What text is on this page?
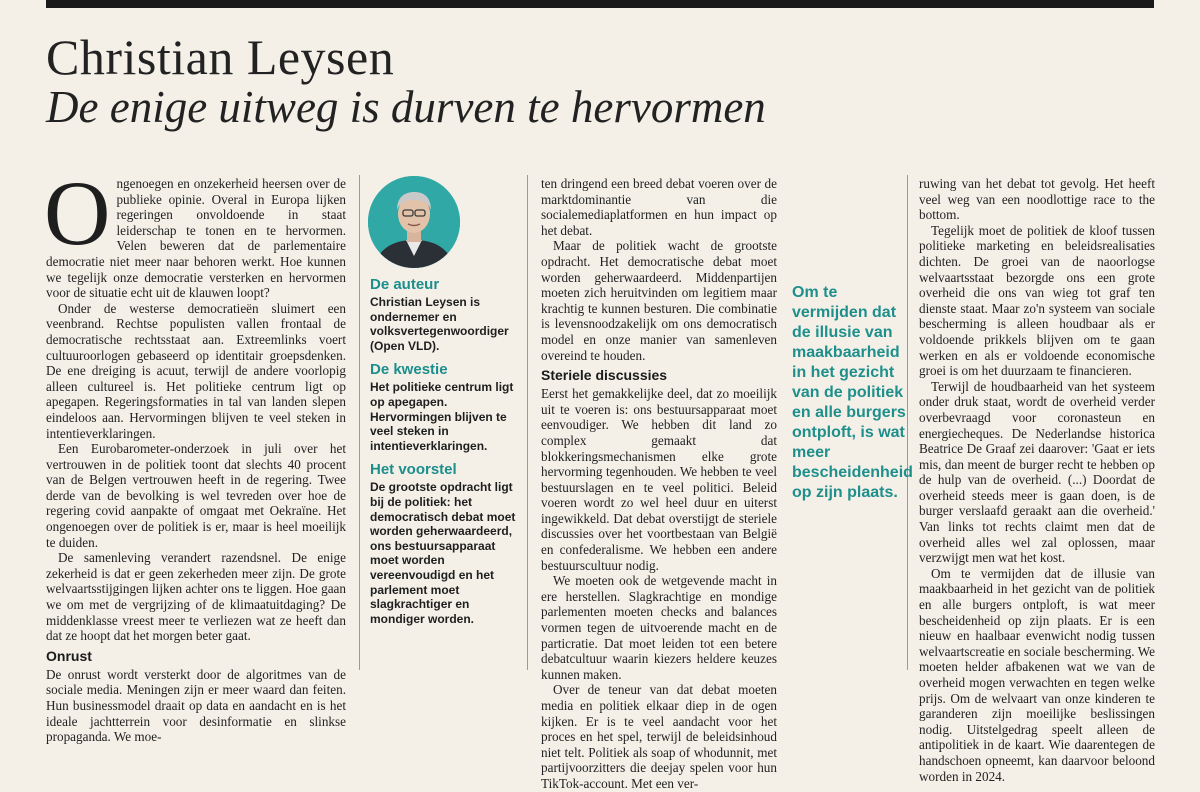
Christian Leysen
De enige uitweg is durven te hervormen

Ongenoegen en onzekerheid heersen over de publieke opinie. Overal in Europa lijken regeringen onvoldoende in staat leiderschap te tonen en te hervormen. Velen beweren dat de parlementaire democratie niet meer naar behoren werkt. Hoe kunnen we tegelijk onze democratie versterken en hervormen voor de situatie echt uit de klauwen loopt?

Onder de westerse democratieën sluimert een veenbrand. Rechtse populisten vallen frontaal de democratische rechtsstaat aan. Extreemlinks voert cultuuroorlogen gebaseerd op identitair groepsdenken. De ene dreiging is acuut, terwijl de andere voorlopig alleen cultureel is. Het politieke centrum ligt op apegapen. Regeringsformaties in tal van landen slepen eindeloos aan. Hervormingen blijven te veel steken in intentieverklaringen.

Een Eurobarometer-onderzoek in juli over het vertrouwen in de politiek toont dat slechts 40 procent van de Belgen vertrouwen heeft in de regering. Twee derde van de bevolking is wel tevreden over hoe de regering covid aanpakte of omgaat met Oekraïne. Het ongenoegen over de politiek is er, maar is heel moeilijk te duiden.

De samenleving verandert razendsnel. De enige zekerheid is dat er geen zekerheden meer zijn. De grote welvaartsstijgingen lijken achter ons te liggen. Hoe gaan we om met de vergrijzing of de klimaatuitdaging? De middenklasse vreest meer te verliezen wat ze heeft dan dat ze hoopt dat het morgen beter gaat.

Onrust

De onrust wordt versterkt door de algoritmes van de sociale media. Meningen zijn er meer waard dan feiten. Hun businessmodel draait op data en aandacht en is het ideale jachtterrein voor desinformatie en slinkse propaganda. We moe-

De auteur

Christian Leysen is ondernemer en volksvertegenwoordiger (Open VLD).

De kwestie

Het politieke centrum ligt op apegapen. Hervormingen blijven te veel steken in intentieverklaringen.

Het voorstel

De grootste opdracht ligt bij de politiek: het democratisch debat moet worden geherwaardeerd, ons bestuursapparaat moet worden vereenvoudigd en het parlement moet slagkrachtiger en mondiger worden.

ten dringend een breed debat voeren over de marktdominantie van die socialemediaplatformen en hun impact op het debat.

Maar de politiek wacht de grootste opdracht. Het democratische debat moet worden geherwaardeerd. Middenpartijen moeten zich heruitvinden om legitiem maar krachtig te kunnen besturen. Die combinatie is levensnoodzakelijk om ons democratisch model en onze manier van samenleven overeind te houden.

Steriele discussies

Eerst het gemakkelijke deel, dat zo moeilijk uit te voeren is: ons bestuursapparaat moet eenvoudiger. We hebben dit land zo complex gemaakt dat blokkeringsmechanismen elke grote hervorming tegenhouden. We hebben te veel bestuurslagen en te veel politici. Beleid voeren wordt zo wel heel duur en uiterst ingewikkeld. Dat debat overstijgt de steriele discussies over het voortbestaan van België en confederalisme. We hebben een andere bestuurscultuur nodig.

We moeten ook de wetgevende macht in ere herstellen. Slagkrachtige en mondige parlementen moeten checks and balances vormen tegen de uitvoerende macht en de particratie. Dat moet leiden tot een betere debatcultuur waarin kiezers heldere keuzes kunnen maken.

Over de teneur van dat debat moeten media en politiek elkaar diep in de ogen kijken. Er is te veel aandacht voor het proces en het spel, terwijl de beleidsinhoud niet telt. Politiek als soap of whodunnit, met partijvoorzitters die deejay spelen voor hun TikTok-account. Met een ver-

Om te vermijden dat de illusie van maakbaarheid in het gezicht van de politiek en alle burgers ontploft, is wat meer bescheidenheid op zijn plaats.

ruwing van het debat tot gevolg. Het heeft veel weg van een noodlottige race to the bottom.

Tegelijk moet de politiek de kloof tussen politieke marketing en beleidsrealisaties dichten. De groei van de naoorlogse welvaartsstaat bezorgde ons een grote overheid die ons van wieg tot graf ten dienste staat. Maar zo'n systeem van sociale bescherming is alleen houdbaar als er voldoende prikkels blijven om te gaan werken en als er voldoende economische groei is om het duurzaam te financieren.

Terwijl de houdbaarheid van het systeem onder druk staat, wordt de overheid verder overbevraagd voor coronasteun en energiecheques. De Nederlandse historica Beatrice De Graaf zei daarover: 'Gaat er iets mis, dan meent de burger recht te hebben op de hulp van de overheid. (...) Doordat de overheid steeds meer is gaan doen, is de burger verslaafd geraakt aan die overheid.' Van links tot rechts claimt men dat de overheid alles wel zal oplossen, maar verzwijgt men wat het kost.

Om te vermijden dat de illusie van maakbaarheid in het gezicht van de politiek en alle burgers ontploft, is wat meer bescheidenheid op zijn plaats. Er is een nieuw en haalbaar evenwicht nodig tussen welvaartscreatie en sociale bescherming. We moeten helder afbakenen wat we van de overheid mogen verwachten en tegen welke prijs. Om de welvaart van onze kinderen te garanderen zijn moeilijke beslissingen nodig. Uitstelgedrag speelt alleen de antipolitiek in de kaart. Wie daarentegen de handschoen opneemt, kan daarvoor beloond worden in 2024.
